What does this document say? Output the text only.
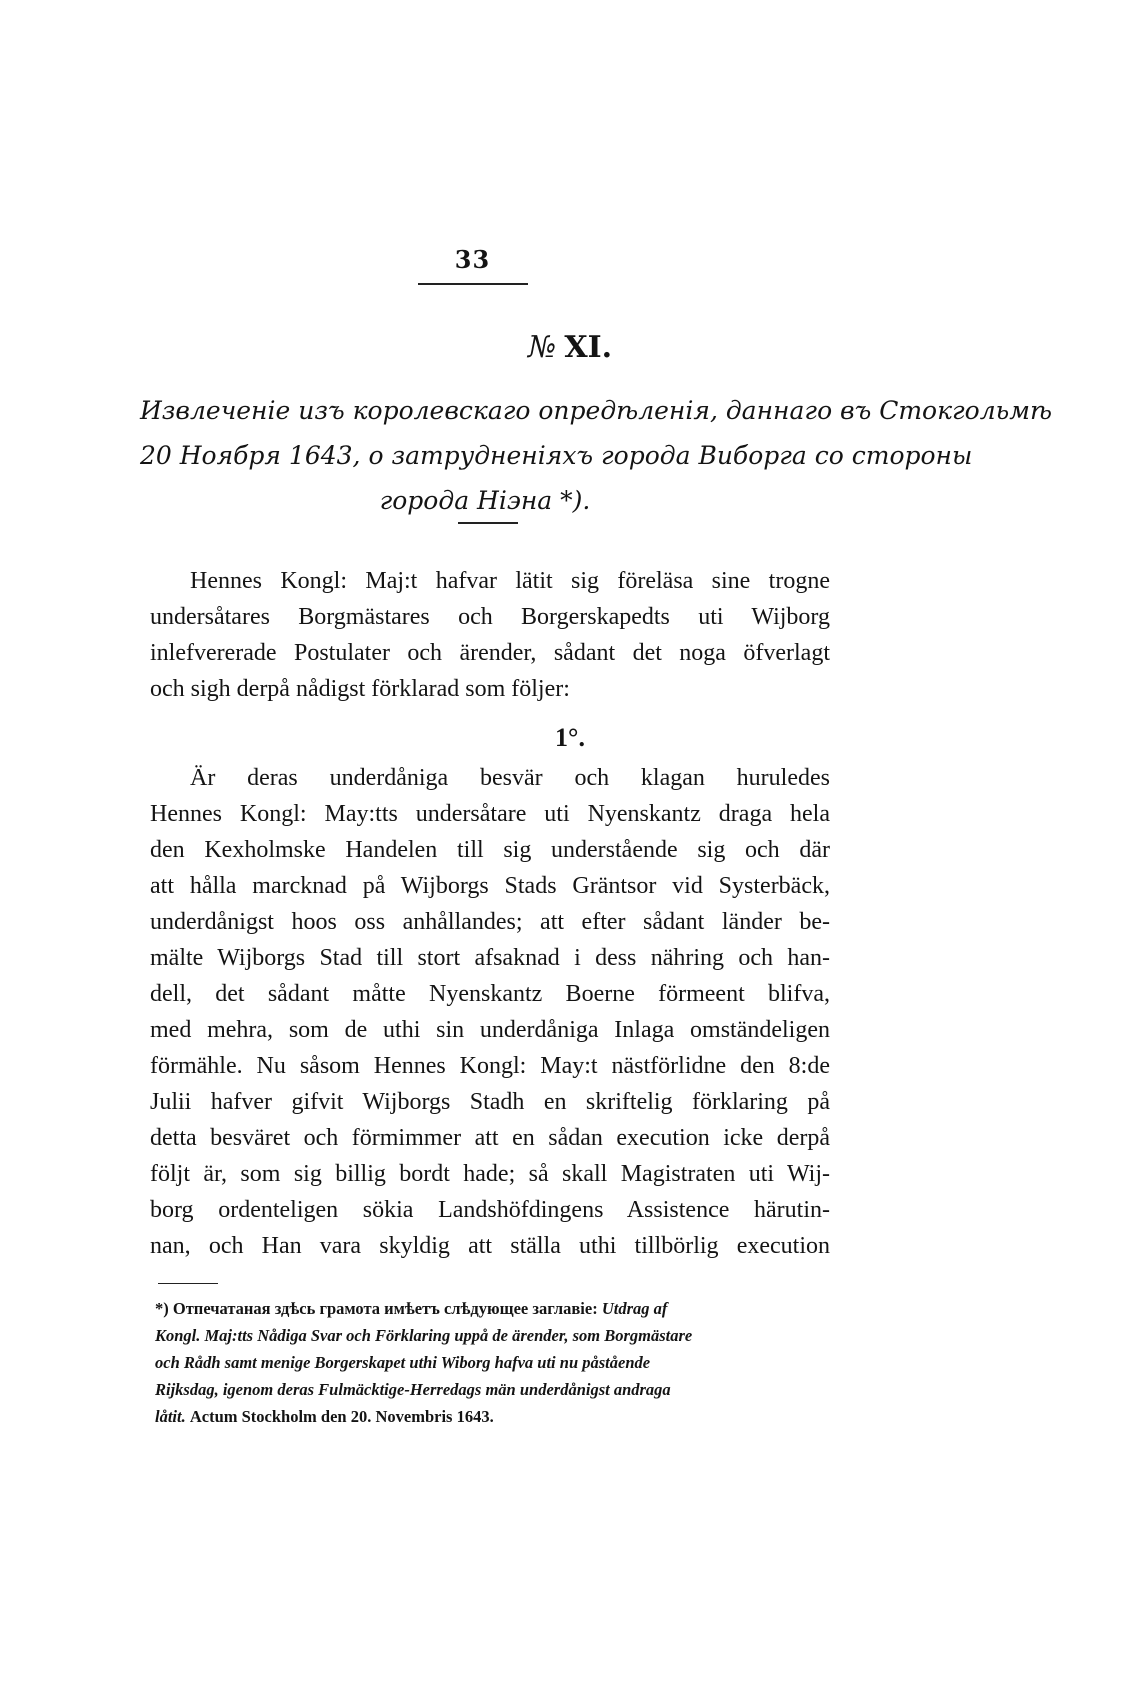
33
№ XI.
Извлеченіе изъ королевскаго опредѣленія, даннаго въ Стокгольмѣ
20 Ноября 1643, о затрудненіяхъ города Виборга со стороны
города Ніэна *).
Hennes Kongl: Maj:t hafvar lätit sig föreläsa sine trogne
undersåtares Borgmästares och Borgerskapedts uti Wijborg
inlefvererade Postulater och ärender, sådant det noga öfverlagt
och sigh derpå nådigst förklarad som följer:
1°.
Är deras underdåniga besvär och klagan huruledes
Hennes Kongl: May:tts undersåtare uti Nyenskantz draga hela
den Kexholmske Handelen till sig understående sig och där
att hålla marcknad på Wijborgs Stads Gräntsor vid Systerbäck,
underdånigst hoos oss anhållandes; att efter sådant länder be-
mälte Wijborgs Stad till stort afsaknad i dess nähring och han-
dell, det sådant måtte Nyenskantz Boerne förmeent blifva,
med mehra, som de uthi sin underdåniga Inlaga omständeligen
förmähle. Nu såsom Hennes Kongl: May:t nästförlidne den 8:de
Julii hafver gifvit Wijborgs Stadh en skriftelig förklaring på
detta besväret och förmimmer att en sådan execution icke derpå
följt är, som sig billig bordt hade; så skall Magistraten uti Wij-
borg ordenteligen sökia Landshöfdingens Assistence härutin-
nan, och Han vara skyldig att ställa uthi tillbörlig execution
*) Отпечатаная здѣсь грамота имѣетъ слѣдующее заглавіе: Utdrag af
Kongl. Maj:tts Nådiga Svar och Förklaring uppå de ärender, som Borgmästare
och Rådh samt menige Borgerskapet uthi Wiborg hafva uti nu påstående
Rijksdag, igenom deras Fulmäcktige-Herredags män underdånigst andraga
låtit. Actum Stockholm den 20. Novembris 1643.
